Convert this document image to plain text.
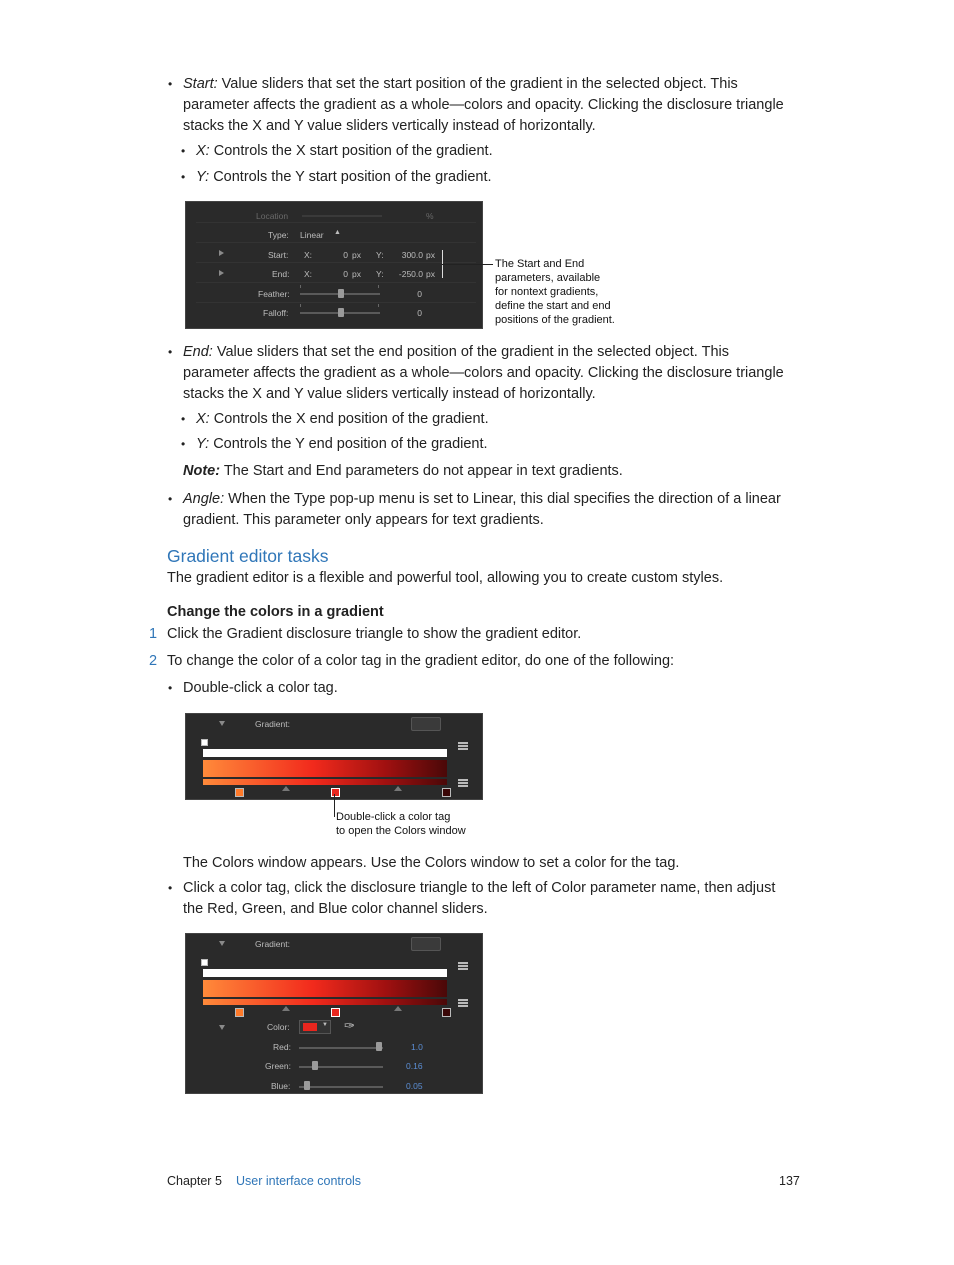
• Start: Value sliders that set the start position of the gradient in the selected object. This
parameter affects the gradient as a whole—colors and opacity. Clicking the disclosure triangle
stacks the X and Y value sliders vertically instead of horizontally.
• X: Controls the X start position of the gradient.
• Y: Controls the Y start position of the gradient.
Location	%
Type: Linear ▲
Start: X:	0 px Y:	300.0 px
End: X:	0 px Y:	-250.0 px
Feather:	0
Falloff:	0
The Start and End
parameters, available
for nontext gradients,
define the start and end
positions of the gradient.
• End: Value sliders that set the end position of the gradient in the selected object. This
parameter affects the gradient as a whole—colors and opacity. Clicking the disclosure triangle
stacks the X and Y value sliders vertically instead of horizontally.
• X: Controls the X end position of the gradient.
• Y: Controls the Y end position of the gradient.
Note: The Start and End parameters do not appear in text gradients.
• Angle: When the Type pop-up menu is set to Linear, this dial specifies the direction of a linear
gradient. This parameter only appears for text gradients.
Gradient editor tasks
The gradient editor is a flexible and powerful tool, allowing you to create custom styles.
Change the colors in a gradient
1 Click the Gradient disclosure triangle to show the gradient editor.
2 To change the color of a color tag in the gradient editor, do one of the following:
• Double-click a color tag.
Gradient:
Double-click a color tag
to open the Colors window
The Colors window appears. Use the Colors window to set a color for the tag.
• Click a color tag, click the disclosure triangle to the left of Color parameter name, then adjust
the Red, Green, and Blue color channel sliders.
Gradient:
Color:	▼ ✑
Red:	1.0
Green:	0.16
Blue:	0.05
Chapter 5 User interface controls	137
